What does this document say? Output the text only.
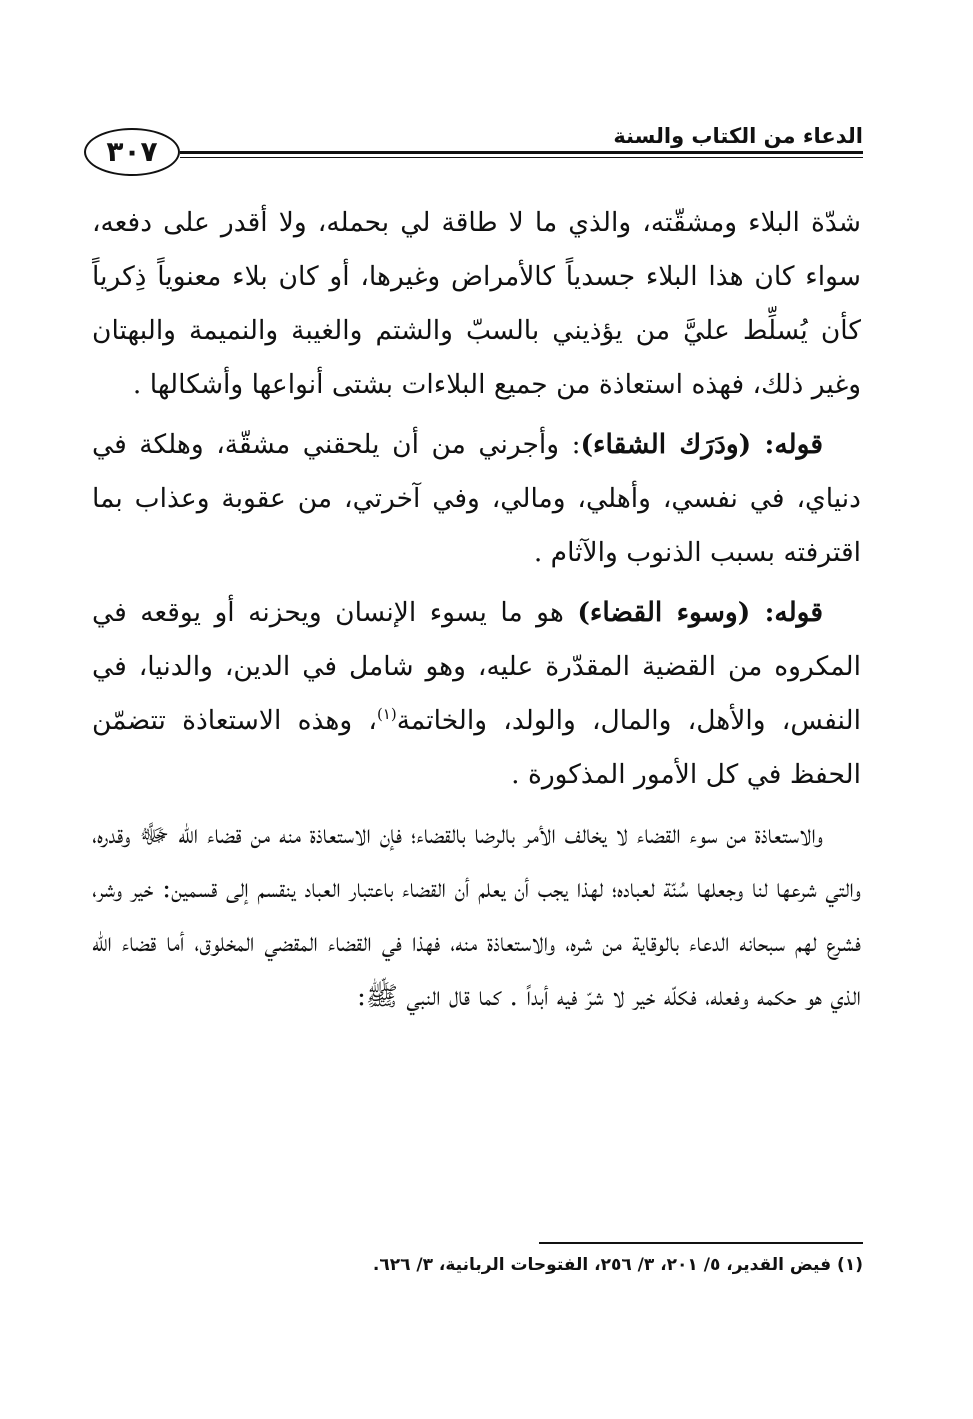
الدعاء من الكتاب والسنة
٣٠٧

شدّة البلاء ومشقّته، والذي ما لا طاقة لي بحمله، ولا أقدر على دفعه، سواء كان هذا البلاء جسدياً كالأمراض وغيرها، أو كان بلاء معنوياً ذِكرياً كأن يُسلِّط عليَّ من يؤذيني بالسبّ والشتم والغيبة والنميمة والبهتان وغير ذلك، فهذه استعاذة من جميع البلاءات بشتى أنواعها وأشكالها .

قوله: (ودَرَك الشقاء): وأجرني من أن يلحقني مشقّة، وهلكة في دنياي، في نفسي، وأهلي، ومالي، وفي آخرتي، من عقوبة وعذاب بما اقترفته بسبب الذنوب والآثام .

قوله: (وسوء القضاء) هو ما يسوء الإنسان ويحزنه أو يوقعه في المكروه من القضية المقدّرة عليه، وهو شامل في الدين، والدنيا، في النفس، والأهل، والمال، والولد، والخاتمة$^{(١)}$، وهذه الاستعاذة تتضمّن الحفظ في كل الأمور المذكورة .

والاستعاذة من سوء القضاء لا يخالف الأمر بالرضا بالقضاء؛ فإن الاستعاذة منه من قضاء الله ﷻ وقدره، والتي شرعها لنا وجعلها سُنّة لعباده؛ لهذا يجب أن يعلم أن القضاء باعتبار العباد ينقسم إلى قسمين: خير وشر، فشرع لهم سبحانه الدعاء بالوقاية من شره، والاستعاذة منه، فهذا في القضاء المقضي المخلوق، أما قضاء الله الذي هو حكمه وفعله، فكلّه خير لا شرّ فيه أبداً . كما قال النبي ﷺ:

(١) فيض القدير، ٥/ ٢٠١، ٣/ ٢٥٦، الفتوحات الربانية، ٣/ ٦٢٦.
